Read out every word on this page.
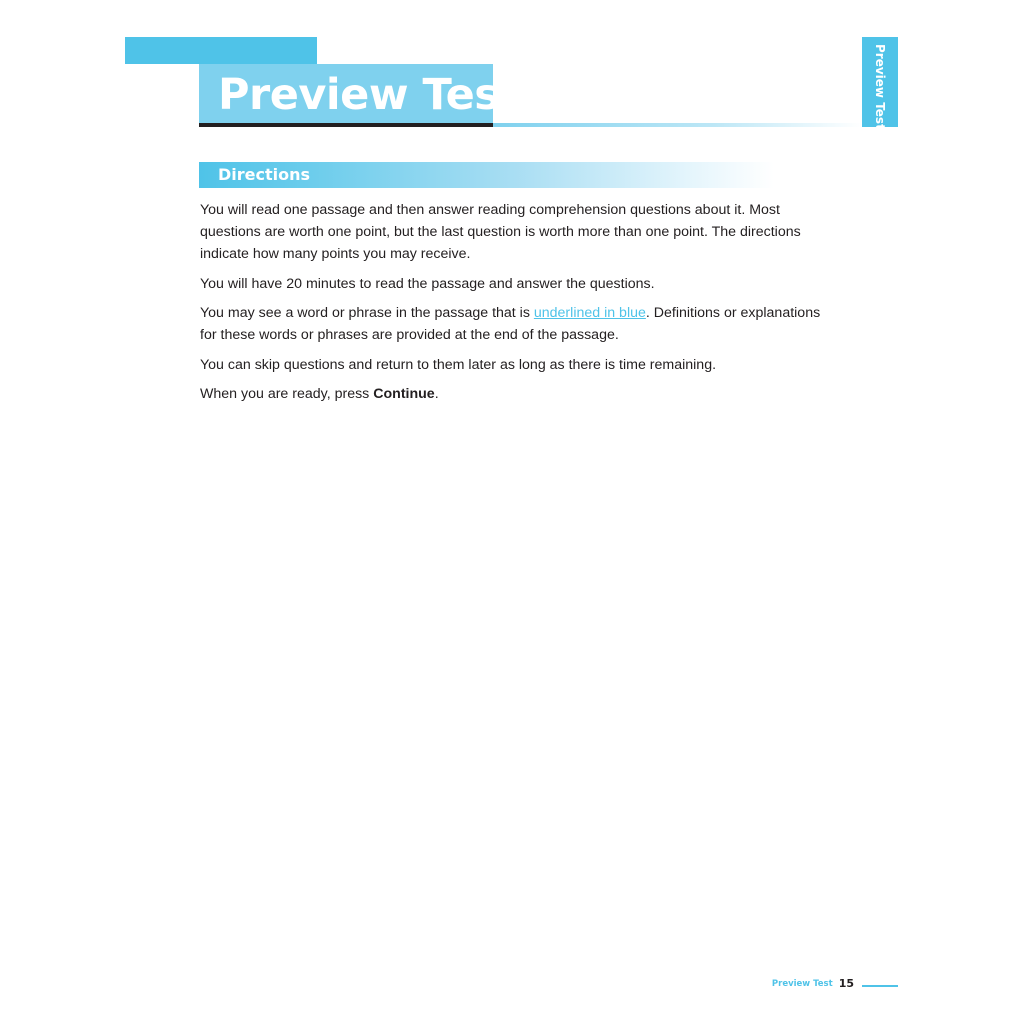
Preview Test	Preview Test
Directions

You will read one passage and then answer reading comprehension questions about it. Most questions are worth one point, but the last question is worth more than one point. The directions indicate how many points you may receive.

You will have 20 minutes to read the passage and answer the questions.

You may see a word or phrase in the passage that is underlined in blue. Definitions or explanations for these words or phrases are provided at the end of the passage.

You can skip questions and return to them later as long as there is time remaining.

When you are ready, press Continue.

Preview Test 15
